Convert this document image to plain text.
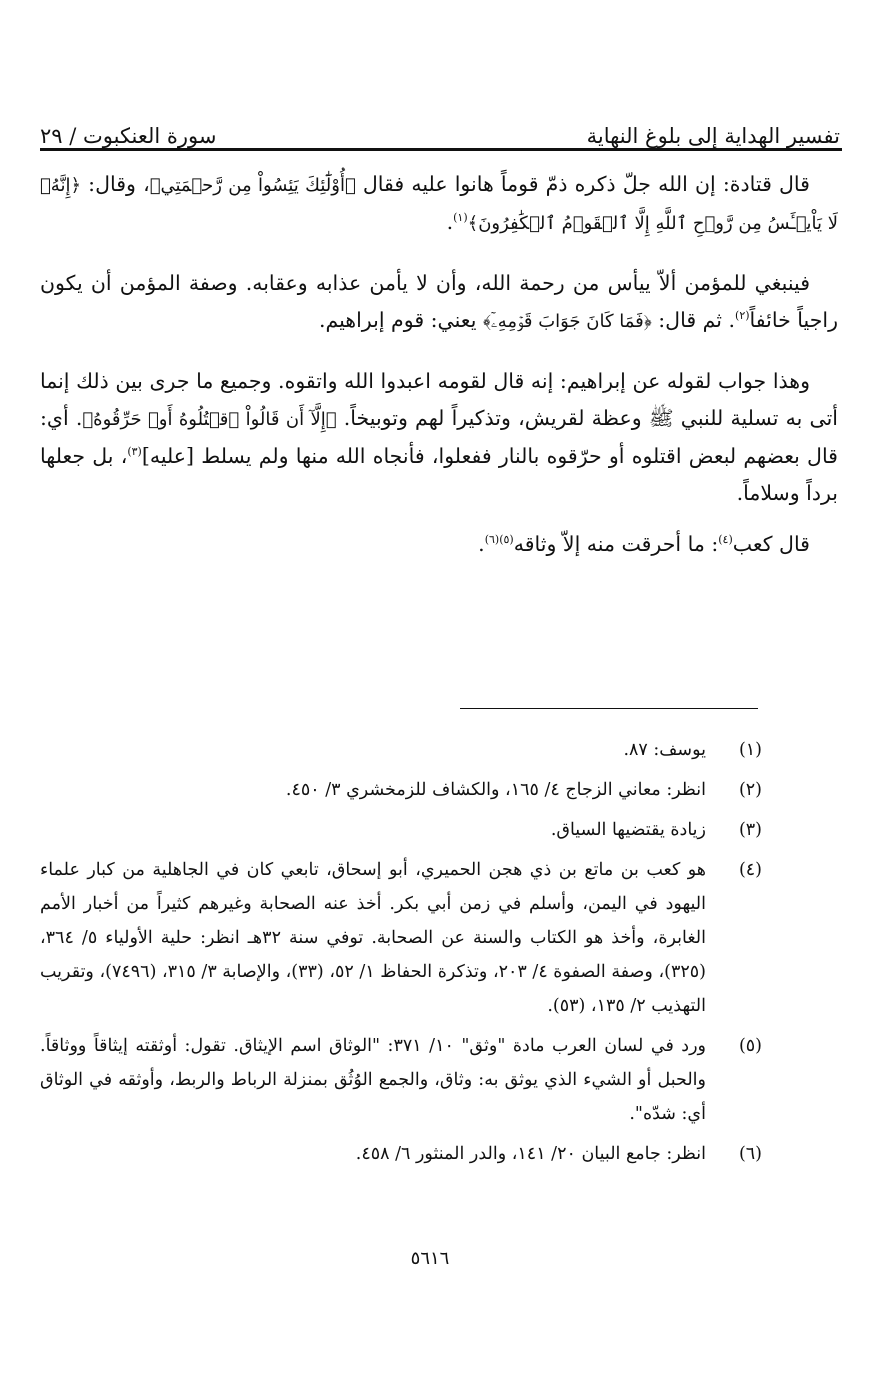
تفسير الهداية إلى بلوغ النهاية
سورة العنكبوت / ٢٩

قال قتادة: إن الله جلّ ذكره ذمّ قوماً هانوا عليه فقال ﴿أُوْلَٰٓئِكَ يَئِسُواْ مِن رَّحۡمَتِي﴾، وقال: ﴿إِنَّهُۥ لَا يَاْيۡـَٔسُ مِن رَّوۡحِ ٱللَّهِ إِلَّا ٱلۡقَوۡمُ ٱلۡكَٰفِرُونَ﴾$^{(١)}$.

فينبغي للمؤمن ألاّ ييأس من رحمة الله، وأن لا يأمن عذابه وعقابه. وصفة المؤمن أن يكون راجياً خائفاً$^{(٢)}$. ثم قال: ﴿فَمَا كَانَ جَوَابَ قَوۡمِهِۦٓ﴾ يعني: قوم إبراهيم.

وهذا جواب لقوله عن إبراهيم: إنه قال لقومه اعبدوا الله واتقوه. وجميع ما جرى بين ذلك إنما أتى به تسلية للنبي ﷺ وعظة لقريش، وتذكيراً لهم وتوبيخاً. ﴿إِلَّآ أَن قَالُواْ ٱقۡتُلُوهُ أَوۡ حَرِّقُوهُ﴾. أي: قال بعضهم لبعض اقتلوه أو حرّقوه بالنار ففعلوا، فأنجاه الله منها ولم يسلط [عليه]$^{(٣)}$، بل جعلها برداً وسلاماً.

قال كعب$^{(٤)}$: ما أحرقت منه إلاّ وثاقه$^{(٥)(٦)}$.

(١)
يوسف: ٨٧.
(٢)
انظر: معاني الزجاج ٤/ ١٦٥، والكشاف للزمخشري ٣/ ٤٥٠.
(٣)
زيادة يقتضيها السياق.
(٤)
هو كعب بن ماتع بن ذي هجن الحميري، أبو إسحاق، تابعي كان في الجاهلية من كبار علماء اليهود في اليمن، وأسلم في زمن أبي بكر. أخذ عنه الصحابة وغيرهم كثيراً من أخبار الأمم الغابرة، وأخذ هو الكتاب والسنة عن الصحابة. توفي سنة ٣٢هـ انظر: حلية الأولياء ٥/ ٣٦٤، (٣٢٥)، وصفة الصفوة ٤/ ٢٠٣، وتذكرة الحفاظ ١/ ٥٢، (٣٣)، والإصابة ٣/ ٣١٥، (٧٤٩٦)، وتقريب التهذيب ٢/ ١٣٥، (٥٣).
(٥)
ورد في لسان العرب مادة "وثق" ١٠/ ٣٧١: "الوثاق اسم الإيثاق. تقول: أوثقته إيثاقاً ووثاقاً. والحبل أو الشيء الذي يوثق به: وثاق، والجمع الوُثُق بمنزلة الرباط والربط، وأوثقه في الوثاق أي: شدّه".
(٦)
انظر: جامع البيان ٢٠/ ١٤١، والدر المنثور ٦/ ٤٥٨.
٥٦١٦
